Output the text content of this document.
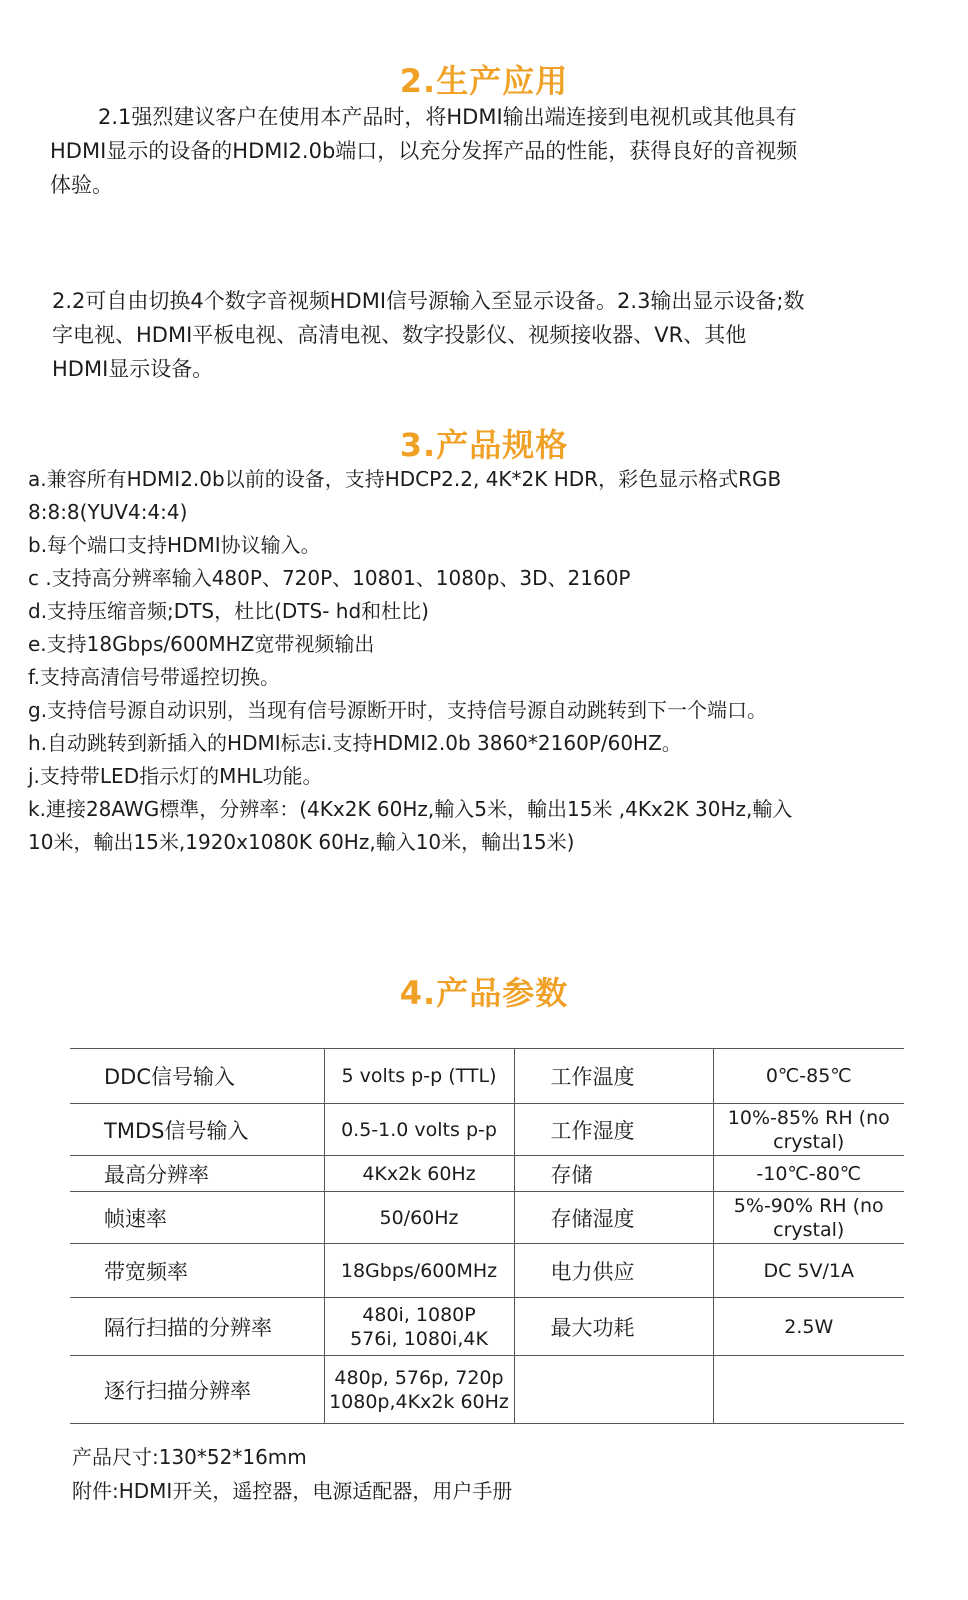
2.生产应用

2.1强烈建议客户在使用本产品时，将HDMI输出端连接到电视机或其他具有

HDMI显示的设备的HDMI2.0b端口，以充分发挥产品的性能，获得良好的音视频

体验。

2.2可自由切换4个数字音视频HDMI信号源输入至显示设备。2.3输出显示设备;数

字电视、HDMI平板电视、高清电视、数字投影仪、视频接收器、VR、其他

HDMI显示设备。

3.产品规格

a.兼容所有HDMI2.0b以前的设备，支持HDCP2.2, 4K*2K HDR，彩色显示格式RGB

8:8:8(YUV4:4:4)

b.每个端口支持HDMI协议输入。

c .支持高分辨率输入480P、720P、10801、1080p、3D、2160P

d.支持压缩音频;DTS，杜比(DTS- hd和杜比)

e.支持18Gbps/600MHZ宽带视频输出

f.支持高清信号带遥控切换。

g.支持信号源自动识别，当现有信号源断开时，支持信号源自动跳转到下一个端口。

h.自动跳转到新插入的HDMI标志i.支持HDMI2.0b 3860*2160P/60HZ。

j.支持带LED指示灯的MHL功能。

k.連接28AWG標準，分辨率：(4Kx2K 60Hz,輸入5米，輸出15米 ,4Kx2K 30Hz,輸入

10米，輸出15米,1920x1080K 60Hz,輸入10米，輸出15米)

4.产品参数
DDC信号输入	5 volts p-p (TTL)	工作温度	0℃-85℃

TMDS信号输入	0.5-1.0 volts p-p	工作湿度	10%-85% RH (no
crystal)

最高分辨率	4Kx2k 60Hz	存储	-10℃-80℃

帧速率	50/60Hz	存储湿度	5%-90% RH (no
crystal)

带宽频率	18Gbps/600MHz	电力供应	DC 5V/1A

隔行扫描的分辨率	480i, 1080P
576i, 1080i,4K	最大功耗	2.5W

逐行扫描分辨率	480p, 576p, 720p
1080p,4Kx2k 60Hz		

产品尺寸:130*52*16mm

附件:HDMI开关，遥控器，电源适配器，用户手册
